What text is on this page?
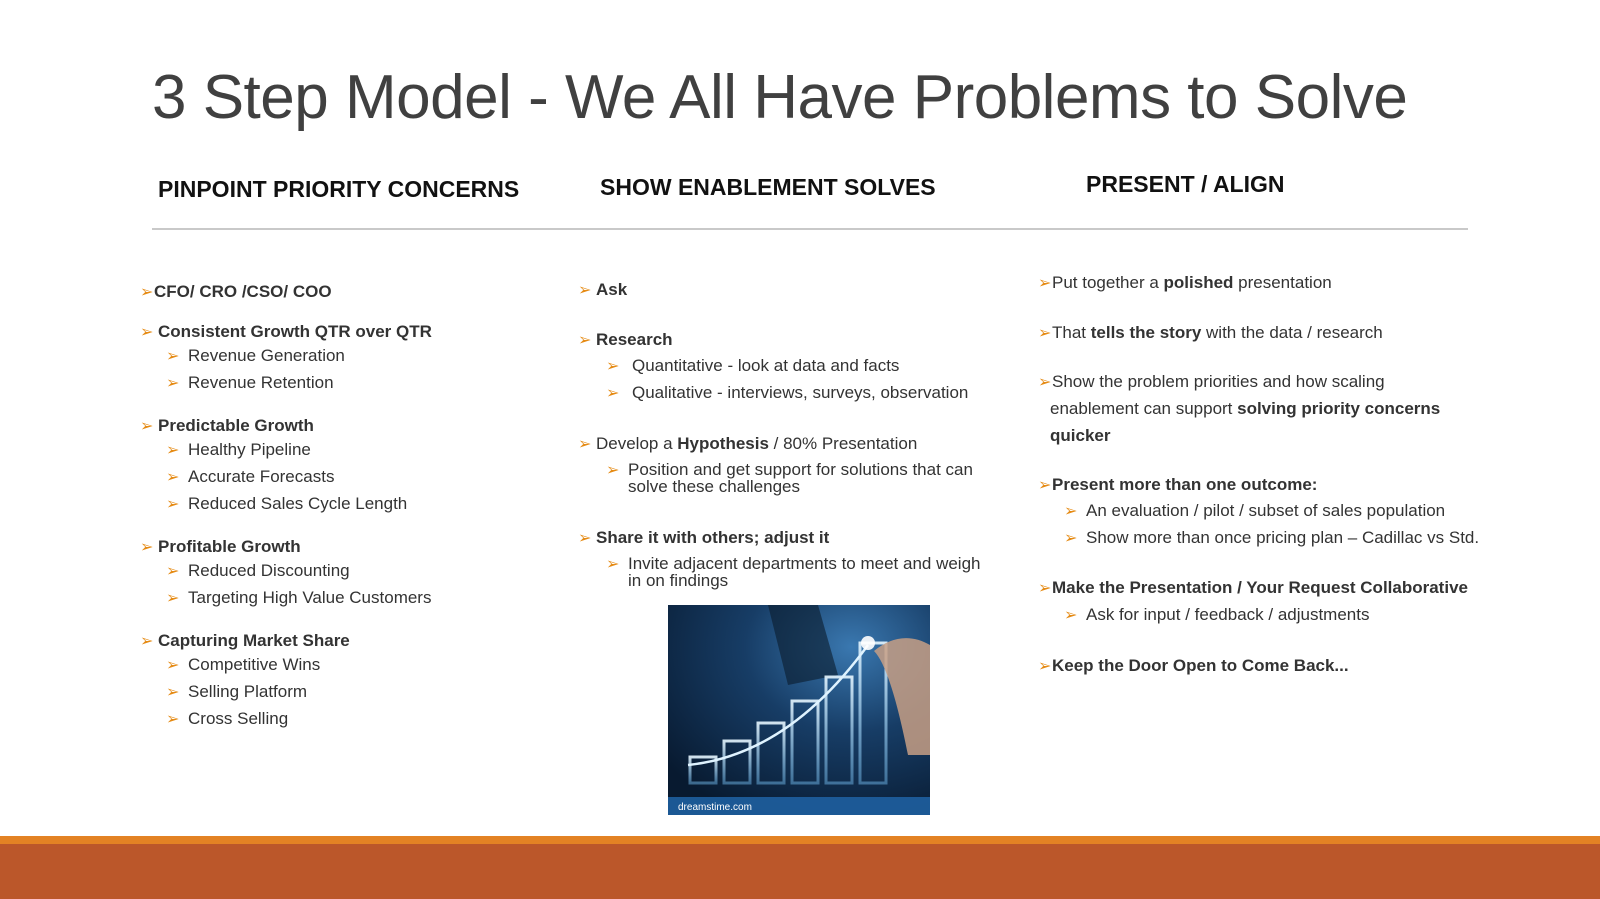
3 Step Model - We All Have Problems to Solve
PINPOINT PRIORITY CONCERNS	SHOW ENABLEMENT SOLVES	PRESENT / ALIGN
➢CFO/ CRO /CSO/ COO
➢ Consistent Growth QTR over QTR
➢ Revenue Generation
➢ Revenue Retention
➢ Predictable Growth
➢ Healthy Pipeline
➢ Accurate Forecasts
➢ Reduced Sales Cycle Length
➢ Profitable Growth
➢ Reduced Discounting
➢ Targeting High Value Customers
➢ Capturing Market Share
➢ Competitive Wins
➢ Selling Platform
➢ Cross Selling
➢ Ask
➢ Research
➢ Quantitative - look at data and facts
➢ Qualitative - interviews, surveys, observation
➢ Develop a Hypothesis / 80% Presentation
➢ Position and get support for solutions that can
solve these challenges
➢ Share it with others; adjust it
➢ Invite adjacent departments to meet and weigh
in on findings
dreamstime.com
➢Put together a polished presentation
➢That tells the story with the data / research
➢Show the problem priorities and how scaling
enablement can support solving priority concerns
quicker
➢Present more than one outcome:
➢ An evaluation / pilot / subset of sales population
➢ Show more than once pricing plan – Cadillac vs Std.
➢Make the Presentation / Your Request Collaborative
➢ Ask for input / feedback / adjustments
➢Keep the Door Open to Come Back...
